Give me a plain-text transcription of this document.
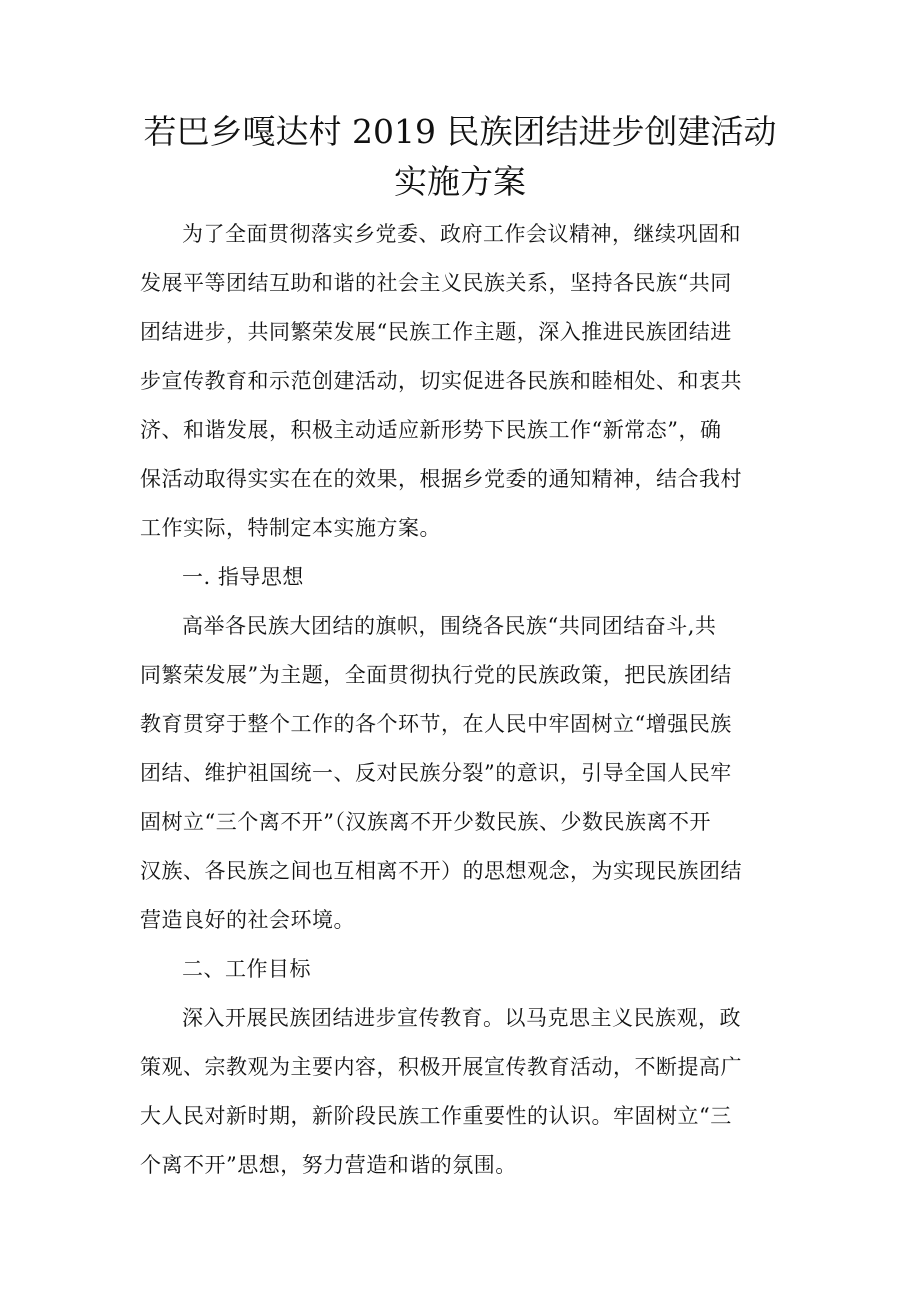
若巴乡嘎达村 2019 民族团结进步创建活动
实施方案

为了全面贯彻落实乡党委、政府工作会议精神，继续巩固和
发展平等团结互助和谐的社会主义民族关系，坚持各民族“共同
团结进步，共同繁荣发展“民族工作主题，深入推进民族团结进
步宣传教育和示范创建活动，切实促进各民族和睦相处、和衷共
济、和谐发展，积极主动适应新形势下民族工作“新常态”，确
保活动取得实实在在的效果，根据乡党委的通知精神，结合我村
工作实际，特制定本实施方案。

一. 指导思想

高举各民族大团结的旗帜，围绕各民族“共同团结奋斗,共
同繁荣发展”为主题，全面贯彻执行党的民族政策，把民族团结
教育贯穿于整个工作的各个环节，在人民中牢固树立“增强民族
团结、维护祖国统一、反对民族分裂”的意识，引导全国人民牢
固树立“三个离不开”（汉族离不开少数民族、少数民族离不开
汉族、各民族之间也互相离不开）的思想观念，为实现民族团结
营造良好的社会环境。

二、工作目标

深入开展民族团结进步宣传教育。以马克思主义民族观，政
策观、宗教观为主要内容，积极开展宣传教育活动，不断提高广
大人民对新时期，新阶段民族工作重要性的认识。牢固树立“三
个离不开”思想，努力营造和谐的氛围。
